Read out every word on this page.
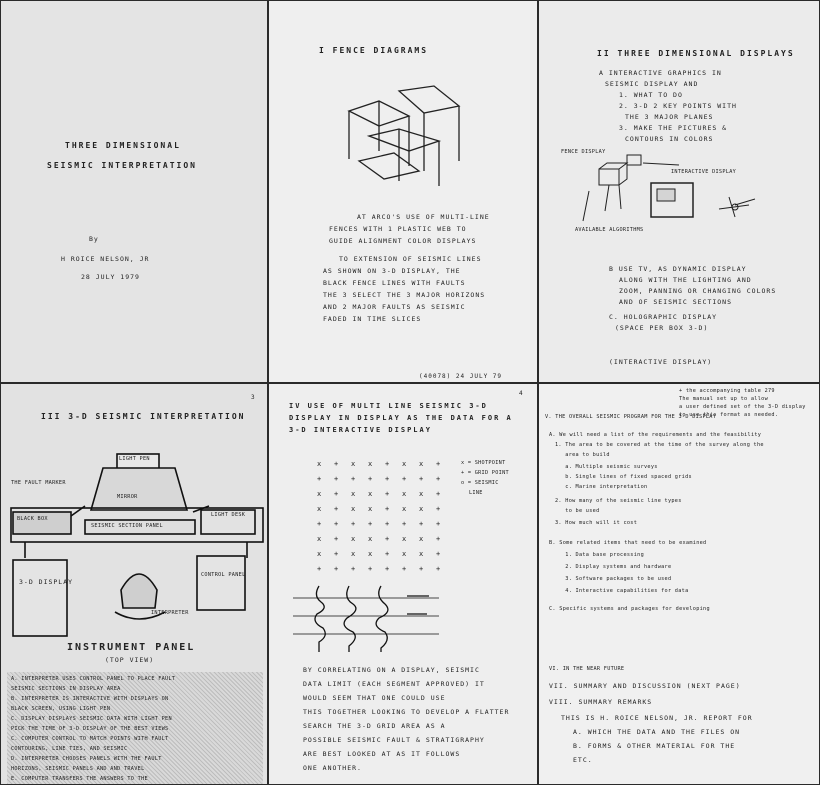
THREE DIMENSIONAL
SEISMIC INTERPRETATION
By
H ROICE NELSON, JR
28 JULY 1979
I FENCE DIAGRAMS
AT ARCO'S USE OF MULTI-LINE
FENCES WITH 1 PLASTIC WEB TO
GUIDE ALIGNMENT COLOR DISPLAYS
TO EXTENSION OF SEISMIC LINES
AS SHOWN ON 3-D DISPLAY, THE
BLACK FENCE LINES WITH FAULTS
THE 3 SELECT THE 3 MAJOR HORIZONS
AND 2 MAJOR FAULTS AS SEISMIC
FADED IN TIME SLICES
(40078) 24 JULY 79
II THREE DIMENSIONAL DISPLAYS
A INTERACTIVE GRAPHICS IN
SEISMIC DISPLAY AND
1. WHAT TO DO
2. 3-D 2 KEY POINTS WITH
THE 3 MAJOR PLANES
3. MAKE THE PICTURES &
CONTOURS IN COLORS
FENCE DISPLAY
INTERACTIVE DISPLAY
AVAILABLE ALGORITHMS
B USE TV, AS DYNAMIC DISPLAY
ALONG WITH THE LIGHTING AND
ZOOM, PANNING OR CHANGING COLORS
AND OF SEISMIC SECTIONS
C. HOLOGRAPHIC DISPLAY
(SPACE PER BOX 3-D)
(INTERACTIVE DISPLAY)
3
III 3-D SEISMIC INTERPRETATION
LIGHT PEN
THE FAULT MARKER
MIRROR
BLACK BOX
SEISMIC SECTION PANEL
LIGHT DESK
3-D DISPLAY
CONTROL PANEL
INTERPRETER
INSTRUMENT PANEL
(TOP VIEW)
A. INTERPRETER USES CONTROL PANEL TO PLACE FAULT
SEISMIC SECTIONS IN DISPLAY AREA
B. INTERPRETER IS INTERACTIVE WITH DISPLAYS ON
BLACK SCREEN, USING LIGHT PEN
C. DISPLAY DISPLAYS SEISMIC DATA WITH LIGHT PEN
PICK THE TIME OF 3-D DISPLAY OF THE BEST VIEWS
C. COMPUTER CONTROL TO MATCH POINTS WITH FAULT
CONTOURING, LINE TIES, AND SEISMIC
D. INTERPRETER CHOOSES PANELS WITH THE FAULT
HORIZONS, SEISMIC PANELS AND AND TRAVEL
E. COMPUTER TRANSFERS THE ANSWERS TO THE
4
IV USE OF MULTI LINE SEISMIC 3-D
DISPLAY IN DISPLAY AS THE DATA FOR A
3-D INTERACTIVE DISPLAY
x + x x + x x +
+ + + + + + + +
x + x x + x x +
x + x x + x x +
+ + + + + + + +
x + x x + x x +
x + x x + x x +
+ + + + + + + +
x = SHOTPOINT
+ = GRID POINT
o = SEISMIC
LINE
BY CORRELATING ON A DISPLAY, SEISMIC
DATA LIMIT (EACH SEGMENT APPROVED) IT
WOULD SEEM THAT ONE COULD USE
THIS TOGETHER LOOKING TO DEVELOP A FLATTER
SEARCH THE 3-D GRID AREA AS A
POSSIBLE SEISMIC FAULT & STRATIGRAPHY
ARE BEST LOOKED AT AS IT FOLLOWS
ONE ANOTHER.
+ the accompanying table 279
The manual set up to allow
a user defined set of the 3-D display
to use this format as needed.
V. THE OVERALL SEISMIC PROGRAM FOR THE 3-D DISPLAY
A. We will need a list of the requirements and the feasibility
1. The area to be covered at the time of the survey along the
area to build
a. Multiple seismic surveys
b. Single lines of fixed spaced grids
c. Marine interpretation
2. How many of the seismic line types
to be used
3. How much will it cost
B. Some related items that need to be examined
1. Data base processing
2. Display systems and hardware
3. Software packages to be used
4. Interactive capabilities for data
C. Specific systems and packages for developing
VI. IN THE NEAR FUTURE
VII. SUMMARY AND DISCUSSION (NEXT PAGE)
VIII. SUMMARY REMARKS
THIS IS H. ROICE NELSON, JR. REPORT FOR
A. WHICH THE DATA AND THE FILES ON
B. FORMS & OTHER MATERIAL FOR THE
ETC.
